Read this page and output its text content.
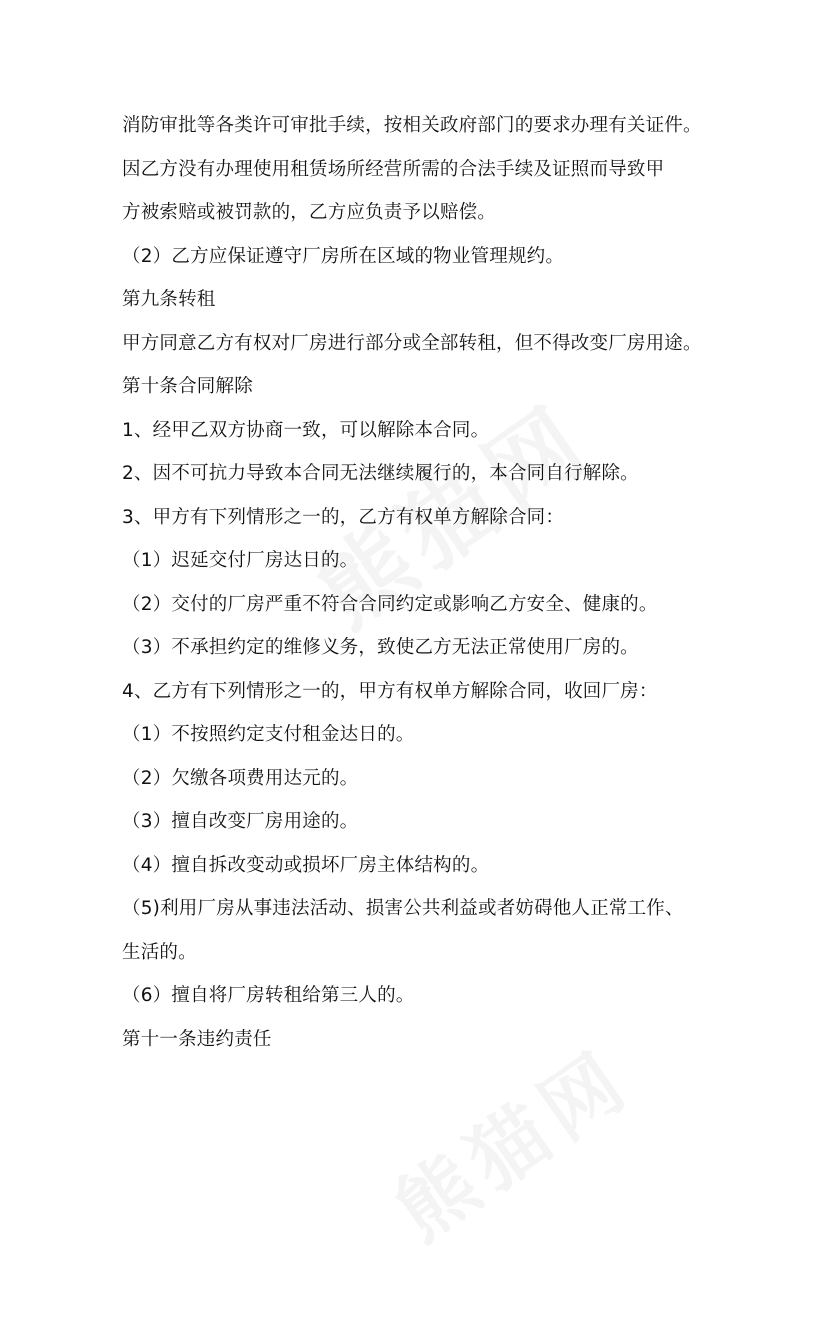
消防审批等各类许可审批手续，按相关政府部门的要求办理有关证件。
因乙方没有办理使用租赁场所经营所需的合法手续及证照而导致甲
方被索赔或被罚款的，乙方应负责予以赔偿。
（2）乙方应保证遵守厂房所在区域的物业管理规约。
第九条转租
甲方同意乙方有权对厂房进行部分或全部转租，但不得改变厂房用途。
第十条合同解除
1、经甲乙双方协商一致，可以解除本合同。
2、因不可抗力导致本合同无法继续履行的，本合同自行解除。
3、甲方有下列情形之一的，乙方有权单方解除合同：
（1）迟延交付厂房达日的。
（2）交付的厂房严重不符合合同约定或影响乙方安全、健康的。
（3）不承担约定的维修义务，致使乙方无法正常使用厂房的。
4、乙方有下列情形之一的，甲方有权单方解除合同，收回厂房：
（1）不按照约定支付租金达日的。
（2）欠缴各项费用达元的。
（3）擅自改变厂房用途的。
（4）擅自拆改变动或损坏厂房主体结构的。
（5)利用厂房从事违法活动、损害公共利益或者妨碍他人正常工作、
生活的。
（6）擅自将厂房转租给第三人的。
第十一条违约责任
